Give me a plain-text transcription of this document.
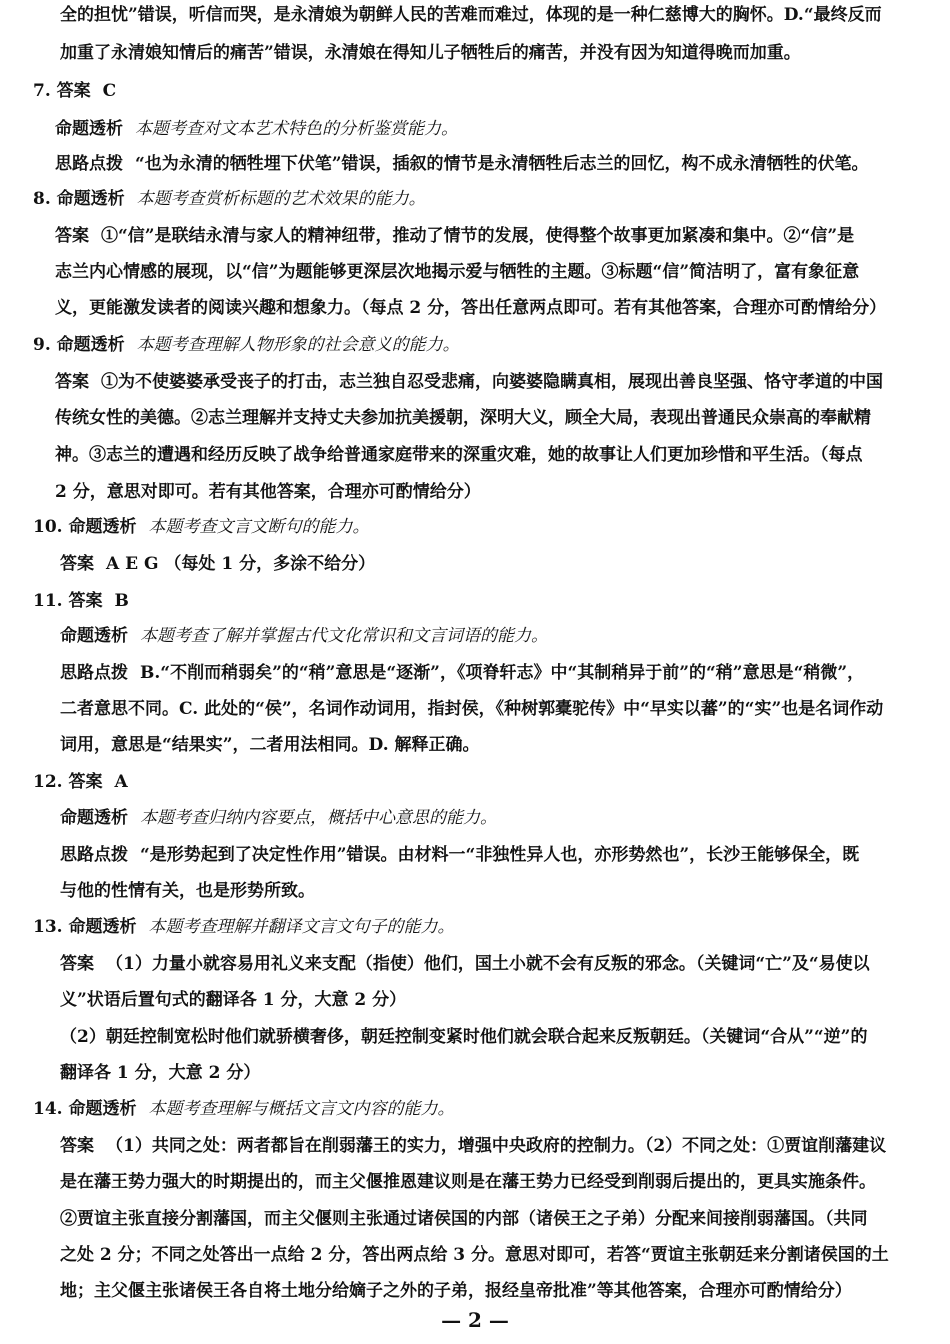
全的担忧”错误，听信而哭，是永清娘为朝鲜人民的苦难而难过，体现的是一种仁慈博大的胸怀。D.“最终反而
加重了永清娘知情后的痛苦”错误，永清娘在得知儿子牺牲后的痛苦，并没有因为知道得晚而加重。
7. 答案 C
命题透析 本题考查对文本艺术特色的分析鉴赏能力。
思路点拨 “也为永清的牺牲埋下伏笔”错误，插叙的情节是永清牺牲后志兰的回忆，构不成永清牺牲的伏笔。
8. 命题透析 本题考查赏析标题的艺术效果的能力。
答案 ①“信”是联结永清与家人的精神纽带，推动了情节的发展，使得整个故事更加紧凑和集中。②“信”是
志兰内心情感的展现，以“信”为题能够更深层次地揭示爱与牺牲的主题。③标题“信”简洁明了，富有象征意
义，更能激发读者的阅读兴趣和想象力。（每点 2 分，答出任意两点即可。若有其他答案，合理亦可酌情给分）
9. 命题透析 本题考查理解人物形象的社会意义的能力。
答案 ①为不使婆婆承受丧子的打击，志兰独自忍受悲痛，向婆婆隐瞒真相，展现出善良坚强、恪守孝道的中国
传统女性的美德。②志兰理解并支持丈夫参加抗美援朝，深明大义，顾全大局，表现出普通民众崇高的奉献精
神。③志兰的遭遇和经历反映了战争给普通家庭带来的深重灾难，她的故事让人们更加珍惜和平生活。（每点
2 分，意思对即可。若有其他答案，合理亦可酌情给分）
10. 命题透析 本题考查文言文断句的能力。
答案 A E G （每处 1 分，多涂不给分）
11. 答案 B
命题透析 本题考查了解并掌握古代文化常识和文言词语的能力。
思路点拨 B.“不削而稍弱矣”的“稍”意思是“逐渐”，《项脊轩志》中“其制稍异于前”的“稍”意思是“稍微”，
二者意思不同。C. 此处的“侯”，名词作动词用，指封侯，《种树郭橐驼传》中“早实以蕃”的“实”也是名词作动
词用，意思是“结果实”，二者用法相同。D. 解释正确。
12. 答案 A
命题透析 本题考查归纳内容要点，概括中心意思的能力。
思路点拨 “是形势起到了决定性作用”错误。由材料一“非独性异人也，亦形势然也”，长沙王能够保全，既
与他的性情有关，也是形势所致。
13. 命题透析 本题考查理解并翻译文言文句子的能力。
答案 （1）力量小就容易用礼义来支配（指使）他们，国土小就不会有反叛的邪念。（关键词“亡”及“易使以
义”状语后置句式的翻译各 1 分，大意 2 分）
（2）朝廷控制宽松时他们就骄横奢侈，朝廷控制变紧时他们就会联合起来反叛朝廷。（关键词“合从”“逆”的
翻译各 1 分，大意 2 分）
14. 命题透析 本题考查理解与概括文言文内容的能力。
答案 （1）共同之处：两者都旨在削弱藩王的实力，增强中央政府的控制力。（2）不同之处：①贾谊削藩建议
是在藩王势力强大的时期提出的，而主父偃推恩建议则是在藩王势力已经受到削弱后提出的，更具实施条件。
②贾谊主张直接分割藩国，而主父偃则主张通过诸侯国的内部（诸侯王之子弟）分配来间接削弱藩国。（共同
之处 2 分；不同之处答出一点给 2 分，答出两点给 3 分。意思对即可，若答“贾谊主张朝廷来分割诸侯国的土
地；主父偃主张诸侯王各自将土地分给嫡子之外的子弟，报经皇帝批准”等其他答案，合理亦可酌情给分）
— 2 —
